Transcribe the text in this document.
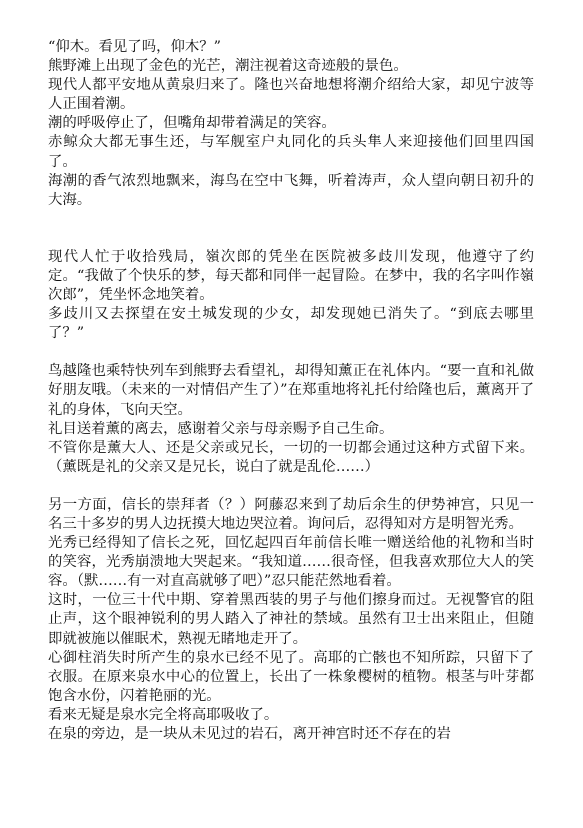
“仰木。看见了吗，仰木？”

熊野滩上出现了金色的光芒，潮注视着这奇迹般的景色。

现代人都平安地从黄泉归来了。隆也兴奋地想将潮介绍给大家，却见宁波等人正围着潮。

潮的呼吸停止了，但嘴角却带着满足的笑容。

赤鲸众大都无事生还，与军舰室户丸同化的兵头隼人来迎接他们回里四国了。

海潮的香气浓烈地飘来，海鸟在空中飞舞，听着涛声，众人望向朝日初升的大海。

现代人忙于收拾残局，嶺次郎的凭坐在医院被多歧川发现，他遵守了约定。“我做了个快乐的梦，每天都和同伴一起冒险。在梦中，我的名字叫作嶺次郎”，凭坐怀念地笑着。

多歧川又去探望在安土城发现的少女，却发现她已消失了。“到底去哪里了？”

鸟越隆也乘特快列车到熊野去看望礼，却得知薰正在礼体内。“要一直和礼做好朋友哦。（未来的一对情侣产生了）”在郑重地将礼托付给隆也后，薰离开了礼的身体，飞向天空。

礼目送着薰的离去，感谢着父亲与母亲赐予自己生命。

不管你是薰大人、还是父亲或兄长，一切的一切都会通过这种方式留下来。（薰既是礼的父亲又是兄长，说白了就是乱伦……）

另一方面，信长的崇拜者（？）阿藤忍来到了劫后余生的伊势神宫，只见一名三十多岁的男人边抚摸大地边哭泣着。询问后，忍得知对方是明智光秀。

光秀已经得知了信长之死，回忆起四百年前信长唯一赠送给他的礼物和当时的笑容，光秀崩溃地大哭起来。“我知道……很奇怪，但我喜欢那位大人的笑容。（默……有一对直高就够了吧）”忍只能茫然地看着。

这时，一位三十代中期、穿着黑西装的男子与他们擦身而过。无视警官的阻止声，这个眼神锐利的男人踏入了神社的禁域。虽然有卫士出来阻止，但随即就被施以催眠术，熟视无睹地走开了。

心御柱消失时所产生的泉水已经不见了。高耶的亡骸也不知所踪，只留下了衣服。在原来泉水中心的位置上，长出了一株象樱树的植物。根茎与叶芽都饱含水份，闪着艳丽的光。

看来无疑是泉水完全将高耶吸收了。

在泉的旁边，是一块从未见过的岩石，离开神宫时还不存在的岩
